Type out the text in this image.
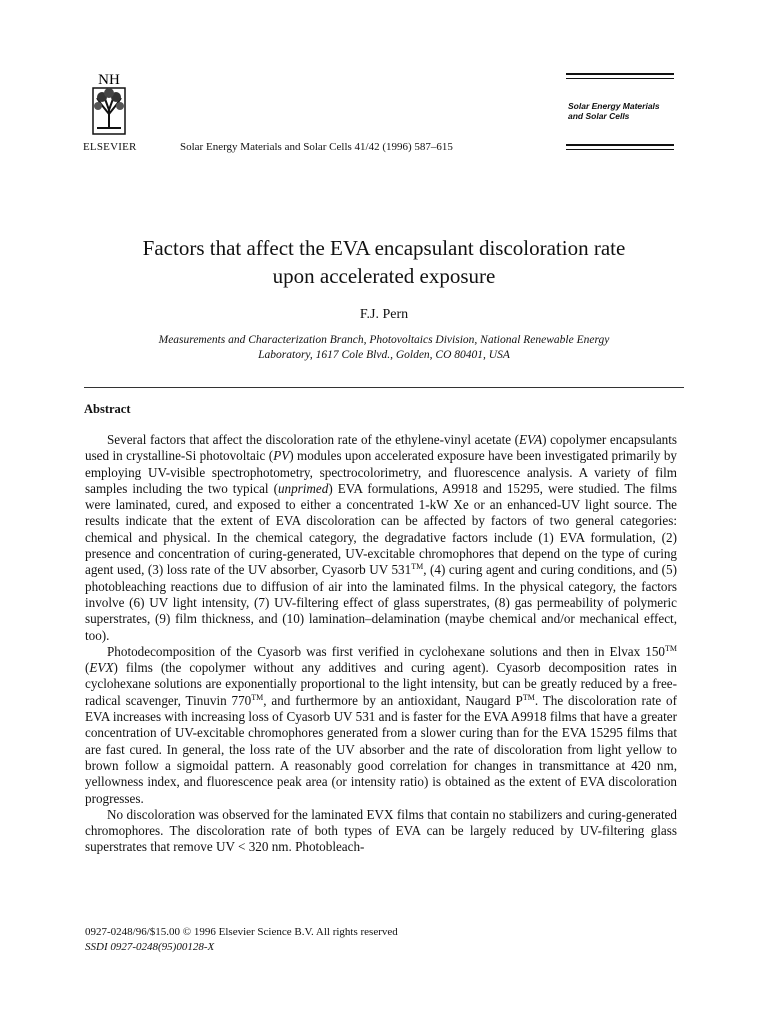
NH
ELSEVIER	Solar Energy Materials and Solar Cells 41/42 (1996) 587–615
Solar Energy Materials
and Solar Cells
Factors that affect the EVA encapsulant discoloration rate
upon accelerated exposure
F.J. Pern
Measurements and Characterization Branch, Photovoltaics Division, National Renewable Energy
Laboratory, 1617 Cole Blvd., Golden, CO 80401, USA
Abstract

Several factors that affect the discoloration rate of the ethylene-vinyl acetate (EVA) copolymer encapsulants used in crystalline-Si photovoltaic (PV) modules upon accelerated exposure have been investigated primarily by employing UV-visible spectrophotometry, spectrocolorimetry, and fluorescence analysis. A variety of film samples including the two typical (unprimed) EVA formulations, A9918 and 15295, were studied. The films were laminated, cured, and exposed to either a concentrated 1-kW Xe or an enhanced-UV light source. The results indicate that the extent of EVA discoloration can be affected by factors of two general categories: chemical and physical. In the chemical category, the degradative factors include (1) EVA formulation, (2) presence and concentration of curing-generated, UV-excitable chromophores that depend on the type of curing agent used, (3) loss rate of the UV absorber, Cyasorb UV 531™, (4) curing agent and curing conditions, and (5) photobleaching reactions due to diffusion of air into the laminated films. In the physical category, the factors involve (6) UV light intensity, (7) UV-filtering effect of glass superstrates, (8) gas permeability of polymeric superstrates, (9) film thickness, and (10) lamination–delamination (maybe chemical and/or mechanical effect, too).

Photodecomposition of the Cyasorb was first verified in cyclohexane solutions and then in Elvax 150™ (EVX) films (the copolymer without any additives and curing agent). Cyasorb decomposition rates in cyclohexane solutions are exponentially proportional to the light intensity, but can be greatly reduced by a free-radical scavenger, Tinuvin 770™, and furthermore by an antioxidant, Naugard P™. The discoloration rate of EVA increases with increasing loss of Cyasorb UV 531 and is faster for the EVA A9918 films that have a greater concentration of UV-excitable chromophores generated from a slower curing than for the EVA 15295 films that are fast cured. In general, the loss rate of the UV absorber and the rate of discoloration from light yellow to brown follow a sigmoidal pattern. A reasonably good correlation for changes in transmittance at 420 nm, yellowness index, and fluorescence peak area (or intensity ratio) is obtained as the extent of EVA discoloration progresses.

No discoloration was observed for the laminated EVX films that contain no stabilizers and curing-generated chromophores. The discoloration rate of both types of EVA can be largely reduced by UV-filtering glass superstrates that remove UV < 320 nm. Photobleach-

0927-0248/96/$15.00 © 1996 Elsevier Science B.V. All rights reserved
SSDI 0927-0248(95)00128-X
